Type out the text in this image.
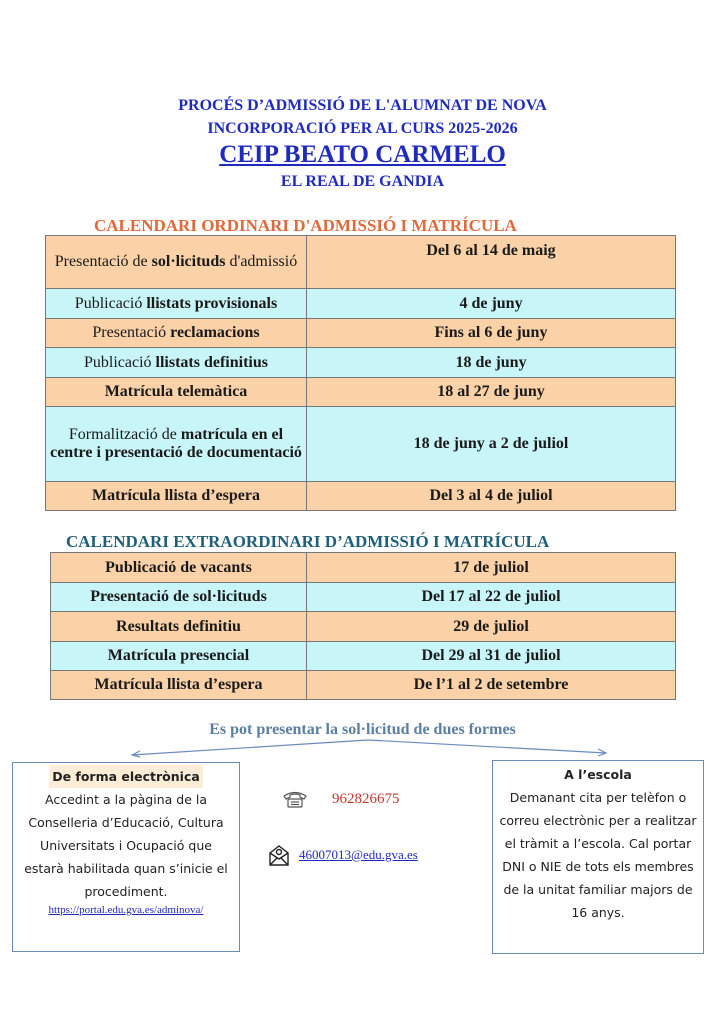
PROCÉS D’ADMISSIÓ DE L'ALUMNAT DE NOVA
INCORPORACIÓ PER AL CURS 2025-2026
CEIP BEATO CARMELO
EL REAL DE GANDIA
CALENDARI ORDINARI D'ADMISSIÓ I MATRÍCULA
Presentació de sol·licituds d'admissió	Del 6 al 14 de maig
Publicació llistats provisionals	4 de juny
Presentació reclamacions	Fins al 6 de juny
Publicació llistats definitius	18 de juny
Matrícula telemàtica	18 al 27 de juny
Formalització de matrícula en el centre i presentació de documentació	18 de juny a 2 de juliol
Matrícula llista d’espera	Del 3 al 4 de juliol
CALENDARI EXTRAORDINARI D’ADMISSIÓ I MATRÍCULA
Publicació de vacants	17 de juliol
Presentació de sol·licituds	Del 17 al 22 de juliol
Resultats definitiu	29 de juliol
Matrícula presencial	Del 29 al 31 de juliol
Matrícula llista d’espera	De l’1 al 2 de setembre
Es pot presentar la sol·licitud de dues formes
De forma electrònica
Accedint a la pàgina de la Conselleria d’Educació, Cultura Universitats i Ocupació que estarà habilitada quan s’inicie el procediment.
https://portal.edu.gva.es/adminova/
962826675
46007013@edu.gva.es
A l’escola
Demanant cita per telèfon o correu electrònic per a realitzar el tràmit a l’escola. Cal portar DNI o NIE de tots els membres de la unitat familiar majors de 16 anys.
